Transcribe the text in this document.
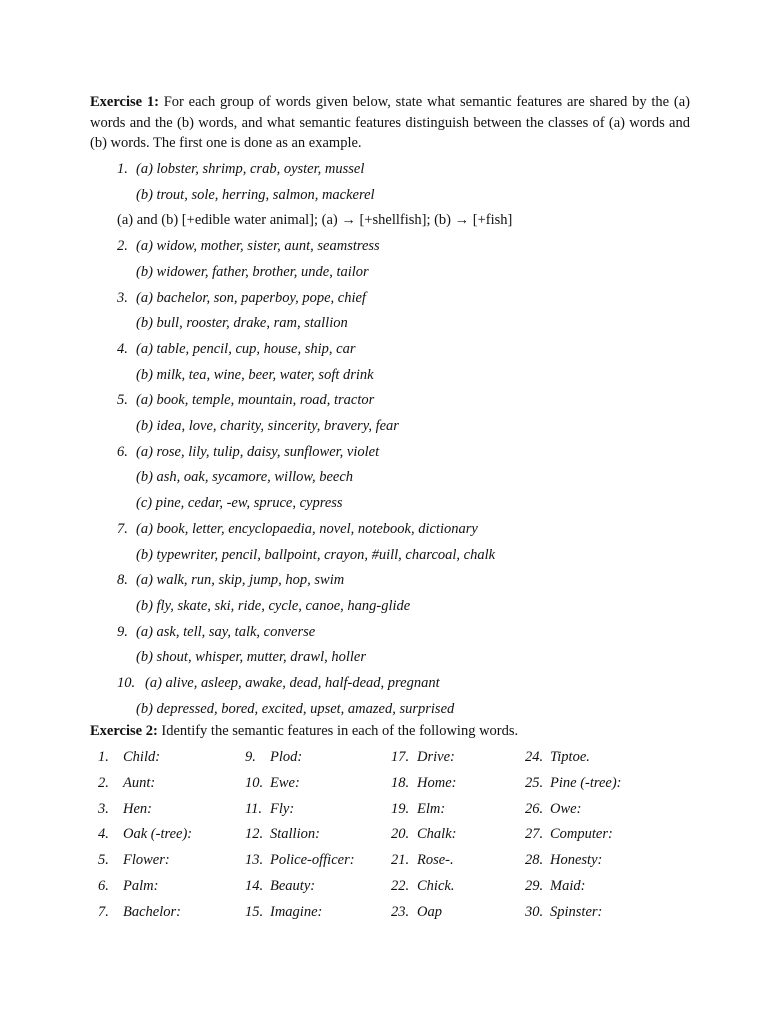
Exercise 1: For each group of words given below, state what semantic features are shared by the (a) words and the (b) words, and what semantic features distinguish between the classes of (a) words and (b) words. The first one is done as an example.
1. (a) lobster, shrimp, crab, oyster, mussel
(b) trout, sole, herring, salmon, mackerel
(a) and (b) [+edible water animal]; (a) → [+shellfish]; (b) → [+fish]
2. (a) widow, mother, sister, aunt, seamstress
(b) widower, father, brother, unde, tailor
3. (a) bachelor, son, paperboy, pope, chief
(b) bull, rooster, drake, ram, stallion
4. (a) table, pencil, cup, house, ship, car
(b) milk, tea, wine, beer, water, soft drink
5. (a) book, temple, mountain, road, tractor
(b) idea, love, charity, sincerity, bravery, fear
6. (a) rose, lily, tulip, daisy, sunflower, violet
(b) ash, oak, sycamore, willow, beech
(c) pine, cedar, -ew, spruce, cypress
7. (a) book, letter, encyclopaedia, novel, notebook, dictionary
(b) typewriter, pencil, ballpoint, crayon, #uill, charcoal, chalk
8. (a) walk, run, skip, jump, hop, swim
(b) fly, skate, ski, ride, cycle, canoe, hang-glide
9. (a) ask, tell, say, talk, converse
(b) shout, whisper, mutter, drawl, holler
10. (a) alive, asleep, awake, dead, half-dead, pregnant
(b) depressed, bored, excited, upset, amazed, surprised
Exercise 2: Identify the semantic features in each of the following words.
1. Child:
2. Aunt:
3. Hen:
4. Oak (-tree):
5. Flower:
6. Palm:
7. Bachelor:
9. Plod:
10. Ewe:
11. Fly:
12. Stallion:
13. Police-officer:
14. Beauty:
15. Imagine:
17. Drive:
18. Home:
19. Elm:
20. Chalk:
21. Rose-.
22. Chick.
23. Oap
24. Tiptoe.
25. Pine (-tree):
26. Owe:
27. Computer:
28. Honesty:
29. Maid:
30. Spinster:
